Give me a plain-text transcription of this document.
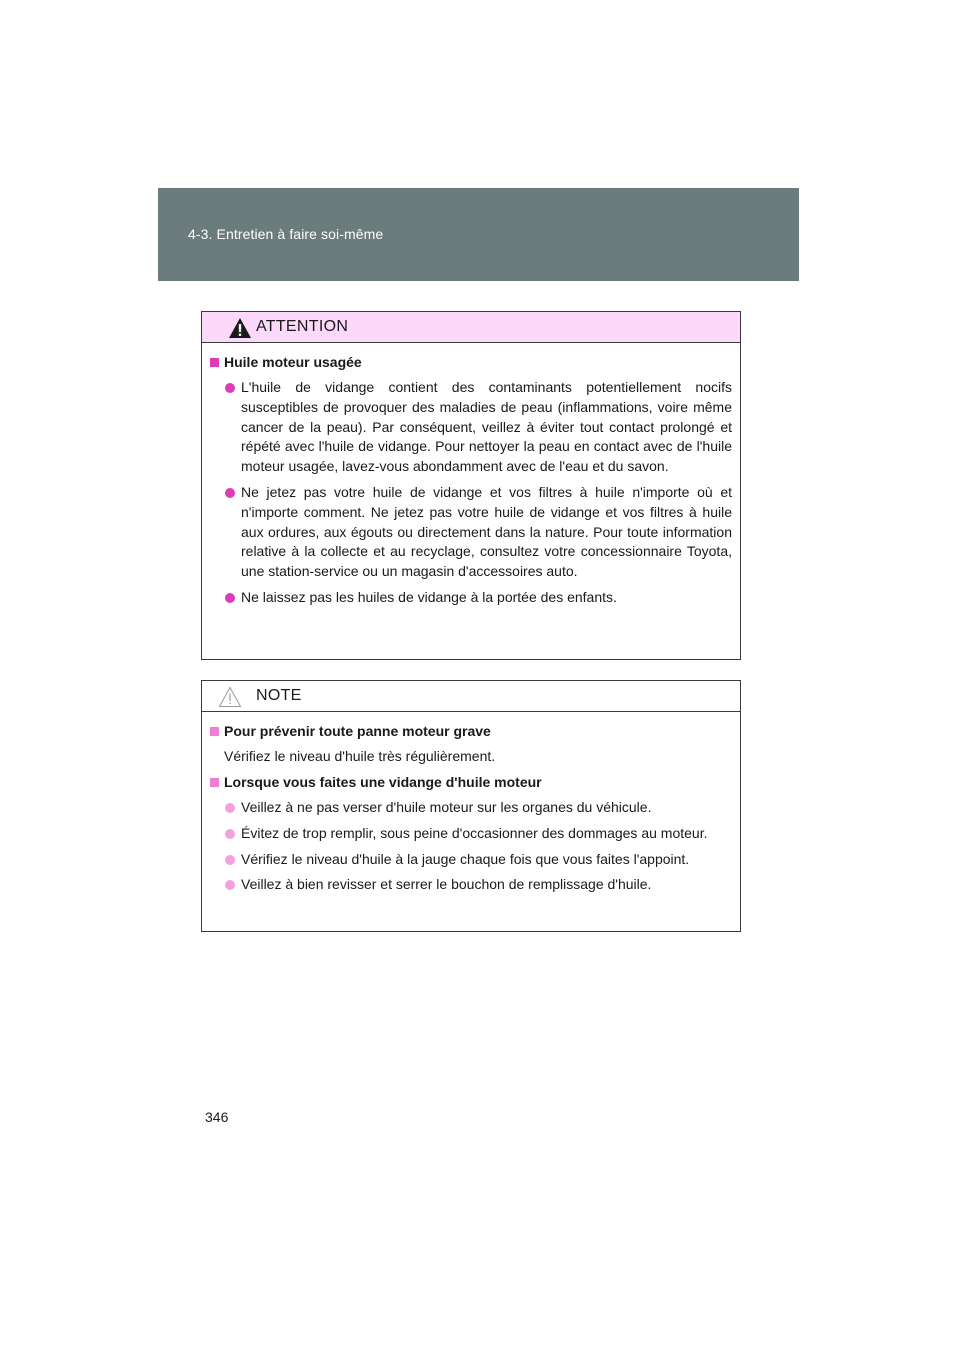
4-3. Entretien à faire soi-même
ATTENTION
Huile moteur usagée
L'huile de vidange contient des contaminants potentiellement nocifs susceptibles de provoquer des maladies de peau (inflammations, voire même cancer de la peau). Par conséquent, veillez à éviter tout contact prolongé et répété avec l'huile de vidange. Pour nettoyer la peau en contact avec de l'huile moteur usagée, lavez-vous abondamment avec de l'eau et du savon.
Ne jetez pas votre huile de vidange et vos filtres à huile n'importe où et n'importe comment. Ne jetez pas votre huile de vidange et vos filtres à huile aux ordures, aux égouts ou directement dans la nature. Pour toute information relative à la collecte et au recyclage, consultez votre concessionnaire Toyota, une station-service ou un magasin d'accessoires auto.
Ne laissez pas les huiles de vidange à la portée des enfants.
NOTE
Pour prévenir toute panne moteur grave
Vérifiez le niveau d'huile très régulièrement.
Lorsque vous faites une vidange d'huile moteur
Veillez à ne pas verser d'huile moteur sur les organes du véhicule.
Évitez de trop remplir, sous peine d'occasionner des dommages au moteur.
Vérifiez le niveau d'huile à la jauge chaque fois que vous faites l'appoint.
Veillez à bien revisser et serrer le bouchon de remplissage d'huile.
346
